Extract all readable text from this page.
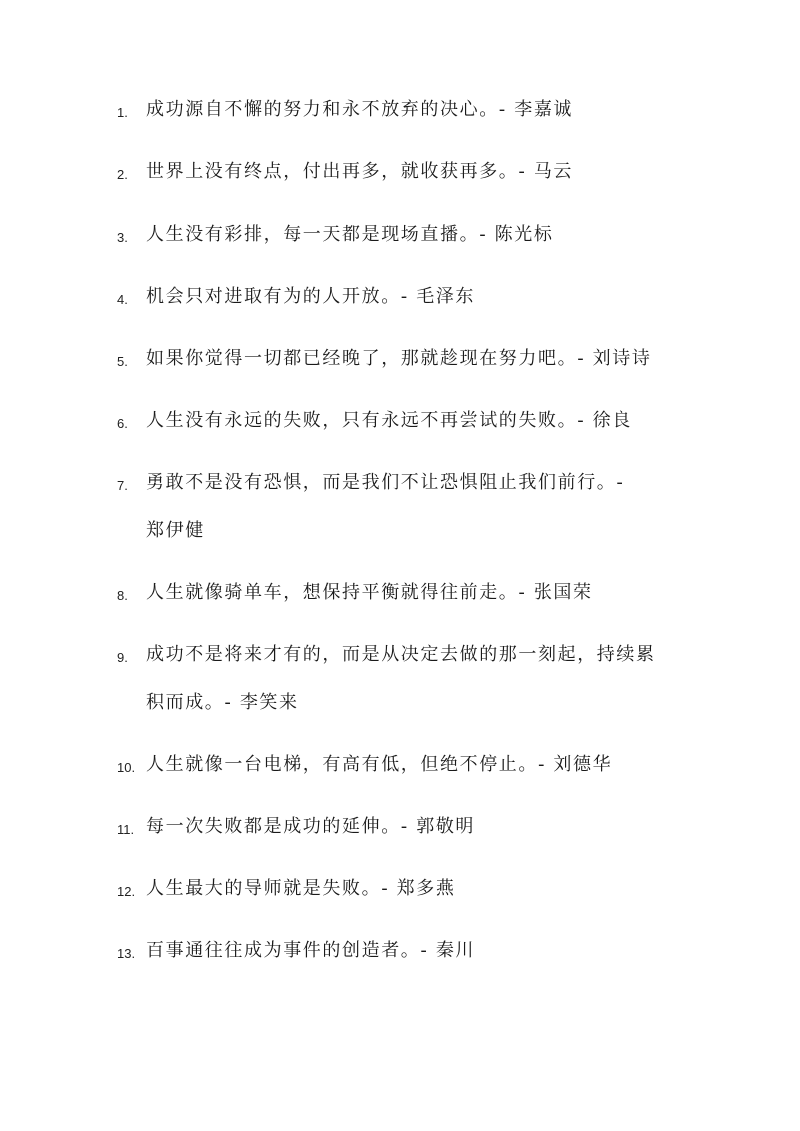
1. 成功源自不懈的努力和永不放弃的决心。- 李嘉诚
2. 世界上没有终点，付出再多，就收获再多。- 马云
3. 人生没有彩排，每一天都是现场直播。- 陈光标
4. 机会只对进取有为的人开放。- 毛泽东
5. 如果你觉得一切都已经晚了，那就趁现在努力吧。- 刘诗诗
6. 人生没有永远的失败，只有永远不再尝试的失败。- 徐良
7. 勇敢不是没有恐惧，而是我们不让恐惧阻止我们前行。-
郑伊健
8. 人生就像骑单车，想保持平衡就得往前走。- 张国荣
9. 成功不是将来才有的，而是从决定去做的那一刻起，持续累
积而成。- 李笑来
10. 人生就像一台电梯，有高有低，但绝不停止。- 刘德华
11. 每一次失败都是成功的延伸。- 郭敬明
12. 人生最大的导师就是失败。- 郑多燕
13. 百事通往往成为事件的创造者。- 秦川
